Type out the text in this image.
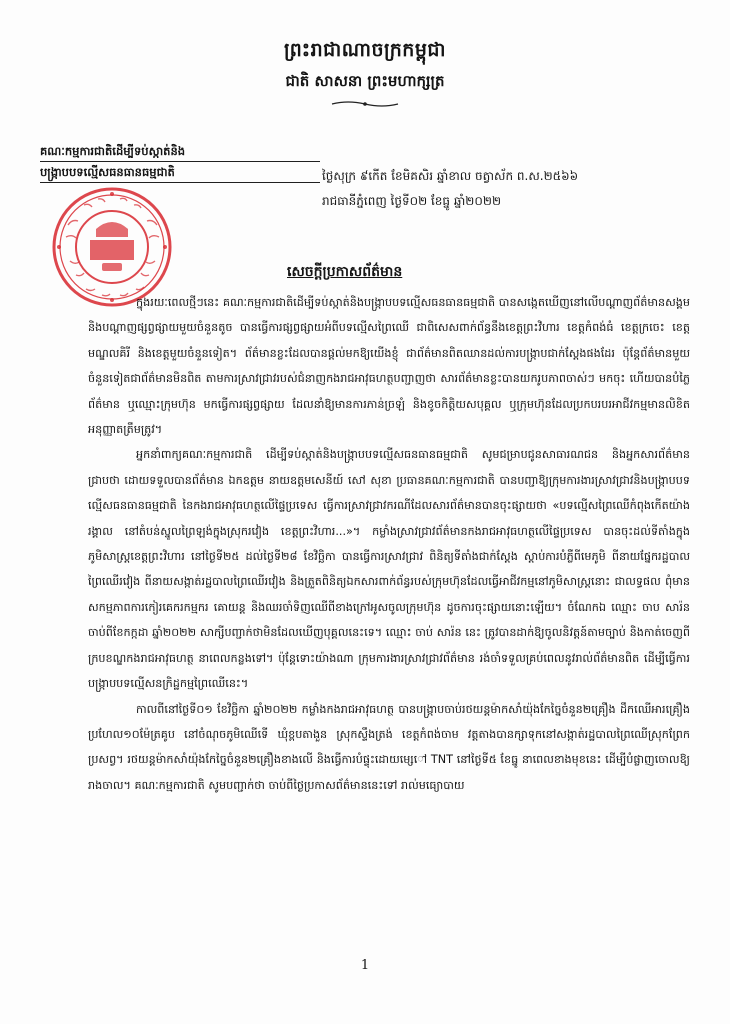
ព្រះរាជាណាចក្រកម្ពុជា
ជាតិ សាសនា ព្រះមហាក្សត្រ
គណៈកម្មការជាតិដើម្បីទប់ស្កាត់និង
បង្ក្រាបបទល្មើសធនធានធម្មជាតិ	ថ្ងៃសុក្រ ៩កើត ខែមិគសិរ ឆ្នាំខាល ចត្វាស័ក ព.ស.២៥៦៦
រាជធានីភ្នំពេញ ថ្ងៃទី០២ ខែធ្នូ ឆ្នាំ២០២២
សេចក្ដីប្រកាសព័ត៌មាន

ក្នុងរយៈពេលថ្មីៗនេះ គណៈកម្មការជាតិដើម្បីទប់ស្កាត់និងបង្ក្រាបបទល្មើសធនធានធម្មជាតិ បានសង្កេតឃើញនៅលើបណ្ដាញព័ត៌មានសង្គម និងបណ្ដាញផ្សព្វផ្សាយមួយចំនួនតូច បានធ្វើការផ្សព្វផ្សាយអំពីបទល្មើសព្រៃឈើ ជាពិសេសពាក់ព័ន្ធនឹងខេត្តព្រះវិហារ ខេត្តកំពង់ធំ ខេត្តក្រចេះ ខេត្តមណ្ឌលគិរី និងខេត្តមួយចំនួនទៀត។ ព័ត៌មានខ្លះដែលបានផ្ដល់មកឱ្យយើងខ្ញុំ ជាព័ត៌មានពិតឈានដល់ការបង្ក្រាបជាក់ស្ដែងផងដែរ ប៉ុន្តែព័ត៌មានមួយចំនួនទៀតជាព័ត៌មានមិនពិត តាមការស្រាវជ្រាវរបស់ជំនាញកងរាជអាវុធហត្ថបញ្ជាញថា សារព័ត៌មានខ្លះបានយករូបភាពចាស់ៗ មកចុះ ហើយបានបំភ្លៃព័ត៌មាន ឬឈ្មោះក្រុមហ៊ុន មកធ្វើការផ្សព្វផ្សាយ ដែលនាំឱ្យមានការភាន់ច្រឡំ និងខូចកិត្តិយសបុគ្គល ឬក្រុមហ៊ុនដែលប្រកបរបរអាជីវកម្មមានលិខិតអនុញ្ញាតត្រឹមត្រូវ។

អ្នកនាំពាក្យគណៈកម្មការជាតិ ដើម្បីទប់ស្កាត់និងបង្ក្រាបបទល្មើសធនធានធម្មជាតិ សូមជម្រាបជូនសាធារណជន និងអ្នកសារព័ត៌មានជ្រាបថា ដោយទទួលបានព័ត៌មាន ឯកឧត្ដម នាយឧត្ដមសេនីយ៍ សៅ សុខា ប្រធានគណៈកម្មការជាតិ បានបញ្ជាឱ្យក្រុមការងារស្រាវជ្រាវនិងបង្ក្រាបបទល្មើសធនធានធម្មជាតិ នៃកងរាជអាវុធហត្ថលើផ្ទៃប្រទេស ធ្វើការស្រាវជ្រាវករណីដែលសារព័ត៌មានបានចុះផ្សាយថា «បទល្មើសព្រៃឈើកំពុងកើតយ៉ាងរង្គាល នៅតំបន់ស្នូលព្រៃឡង់ក្នុងស្រុករវៀង ខេត្តព្រះវិហារ...»។ កម្លាំងស្រាវជ្រាវព័ត៌មានកងរាជអាវុធហត្ថលើផ្ទៃប្រទេស បានចុះដល់ទីតាំងក្នុងភូមិសាស្ត្រខេត្តព្រះវិហារ នៅថ្ងៃទី២៥ ដល់ថ្ងៃទី២៨ ខែវិច្ឆិកា បានធ្វើការស្រាវជ្រាវ ពិនិត្យទីតាំងជាក់ស្ដែង ស្ដាប់ការបំភ្លឺពីមេភូមិ ពីនាយផ្នែករដ្ឋបាលព្រៃឈើរវៀង ពីនាយសង្កាត់រដ្ឋបាលព្រៃឈើរវៀង និងត្រួតពិនិត្យឯកសារពាក់ព័ន្ធរបស់ក្រុមហ៊ុនដែលធ្វើអាជីវកម្មនៅភូមិសាស្ត្រនោះ ជាលទ្ធផល ពុំមានសកម្មភាពការកៀរគេករកម្មករ គោយន្ត និងឈរចាំទិញឈើពីខាងក្រៅអូសចូលក្រុមហ៊ុន ដូចការចុះផ្សាយនោះឡើយ។ ចំណែកឯ ឈ្មោះ ចាប សារ៉ន ចាប់ពីខែកក្កដា ឆ្នាំ២០២២ សាក្សីបញ្ជាក់ថាមិនដែលឃើញបុគ្គលនេះទេ។ ឈ្មោះ ចាប់ សារ៉ន នេះ ត្រូវបានដាក់ឱ្យចូលនិវត្តន៍តាមច្បាប់ និងកាត់ចេញពីក្របខណ្ឌកងរាជអាវុធហត្ថ នាពេលកន្លងទៅ។ ប៉ុន្តែទោះយ៉ាងណា ក្រុមការងារស្រាវជ្រាវព័ត៌មាន រង់ចាំទទួលគ្រប់ពេលនូវរាល់ព័ត៌មានពិត ដើម្បីធ្វើការបង្ក្រាបបទល្មើសនក្រិដ្ឋកម្មព្រៃឈើនេះ។

កាលពីនៅថ្ងៃទី០១ ខែវិច្ឆិកា ឆ្នាំ២០២២ កម្លាំងកងរាជអាវុធហត្ថ បានបង្ក្រាបចាប់រថយន្តម៉ាកសាំយ៉ុងកែច្នៃចំនួន២គ្រឿង ដឹកឈើអារគ្រឿងប្រហែល១០ម៉ែត្រគូប នៅចំណុចភូមិឈើទើ ឃុំខ្ពបតាងួន ស្រុកស្ទឹងត្រង់ ខេត្តកំពង់ចាម វត្តតាងបានក្សាទុកនៅសង្កាត់រដ្ឋបាលព្រៃឈើស្រុកព្រែកប្រសព្វ។ រថយន្តម៉ាកសាំយ៉ុងកែច្នៃចំនួន២គ្រឿងខាងលើ និងធ្វើការបំផ្ទុះដោយមេ្សៅ TNT នៅថ្ងៃទី៥ ខែធ្នូ នាពេលខាងមុខនេះ ដើម្បីបំផ្លាញចោលឱ្យរាងចាល។ គណៈកម្មការជាតិ សូមបញ្ជាក់ថា ចាប់ពីថ្ងៃប្រកាសព័ត៌មាននេះទៅ រាល់មធ្យោបាយ

1
